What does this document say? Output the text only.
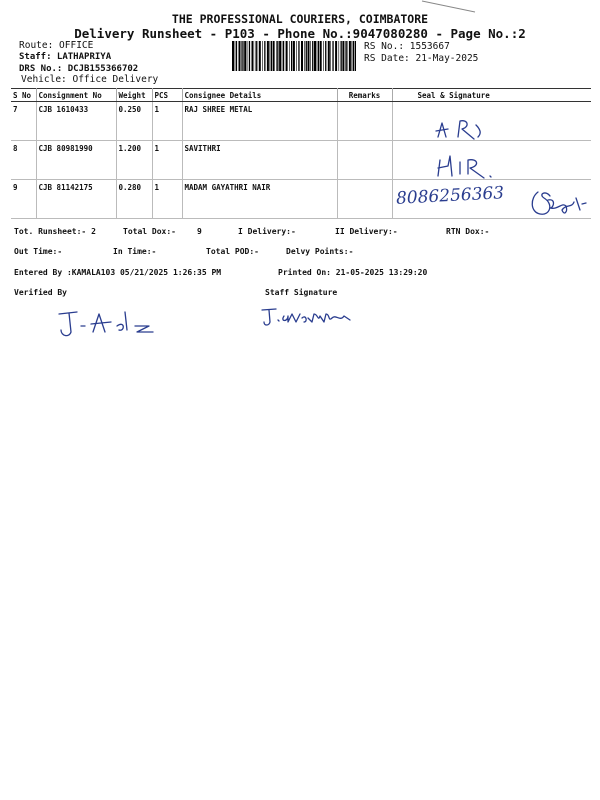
THE PROFESSIONAL COURIERS, COIMBATORE
Delivery Runsheet - P103 - Phone No.:9047080280 - Page No.:2
Route: OFFICE
Staff: LATHAPRIYA
DRS No.: DCJB155366702
Vehicle: Office Delivery
RS No.: 1553667
RS Date: 21-May-2025
S No	Consignment No	Weight	PCS	Consignee Details	Remarks	Seal & Signature
7	CJB 1610433	0.250	1	RAJ SHREE METAL		
8	CJB 80981990	1.200	1	SAVITHRI		
9	CJB 81142175	0.280	1	MADAM GAYATHRI NAIR			8086256363
Tot. Runsheet:- 2	Total Dox:-	9	I Delivery:-	II Delivery:-	RTN Dox:-
Out Time:-	In Time:-	Total POD:-	Delvy Points:-
Entered By :KAMALA103 05/21/2025 1:26:35 PM	Printed On: 21-05-2025 13:29:20
Verified By	Staff Signature
